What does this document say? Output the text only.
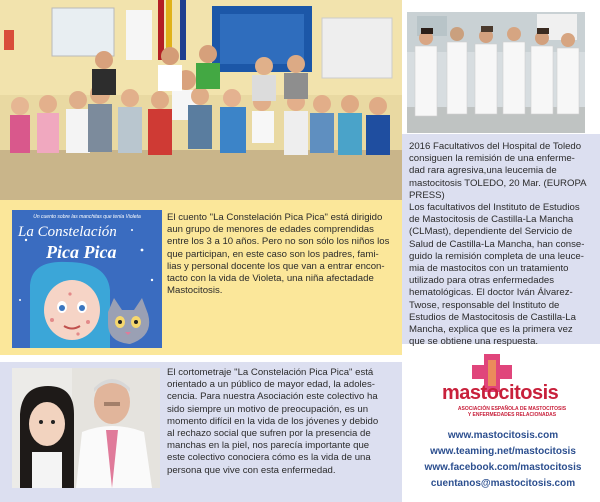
2016 Facultativos del Hospital de Toledo
consiguen la remisión de una enferme-
dad rara agresiva,una leucemia de
mastocitosis TOLEDO, 20 Mar. (EUROPA
PRESS)
Los facultativos del Instituto de Estudios
de Mastocitosis de Castilla-La Mancha
(CLMast), dependiente del Servicio de
Salud de Castilla-La Mancha, han conse-
guido la remisión completa de una leuce-
mia de mastocitos con un tratamiento
utilizado para otras enfermedades
hematológicas. El doctor Iván Álvarez-
Twose, responsable del Instituto de
Estudios de Mastocitosis de Castilla-La
Mancha, explica que es la primera vez
que se obtiene una respuesta.
Un cuento sobre las manchitas que tenía Violeta
La Constelación
Pica Pica
El cuento "La Constelación Pica Pica" está dirigido
aun grupo de menores de edades comprendidas
entre los 3 a 10 años. Pero no son sólo los niños los
que participan, en este caso son los padres, fami-
lias y personal docente los que van a entrar encon-
tacto con la vida de Violeta, una niña afectadade
Mastocitosis.
El cortometraje "La Constelación Pica Pica" está
orientado a un público de mayor edad, la adoles-
cencia. Para nuestra Asociación este colectivo ha
sido siempre un motivo de preocupación, es un
momento difícil en la vida de los jóvenes y debido
al rechazo social que sufren por la presencia de
manchas en la piel, nos parecía importante que
este colectivo conociera cómo es la vida de una
persona que vive con esta enfermedad.
mastocitosis
ASOCIACIÓN ESPAÑOLA DE MASTOCITOSIS
Y ENFERMEDADES RELACIONADAS
www.mastocitosis.com
www.teaming.net/mastocitosis
www.facebook.com/mastocitosis
cuentanos@mastocitosis.com
